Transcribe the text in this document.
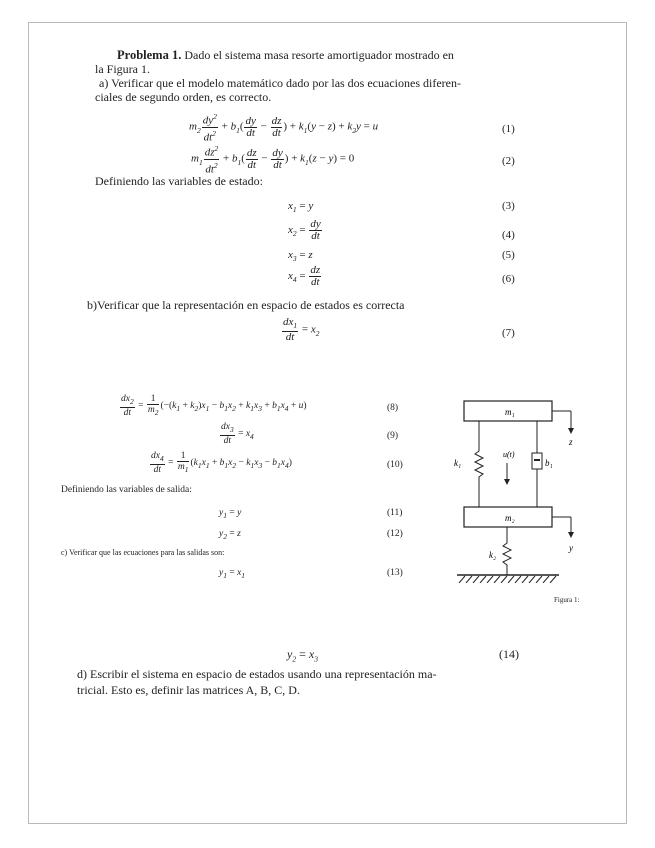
Problema 1. Dado el sistema masa resorte amortiguador mostrado en
la Figura 1.
a) Verificar que el modelo matemático dado por las dos ecuaciones diferen-
ciales de segundo orden, es correcto.
$m_2 \frac{dy^2}{dt^2} + b_1( \frac{dy}{dt} - \frac{dz}{dt}$ ) + $k_1(y - z) + k_2y = u$	(1)
$m_1 \frac{dz^2}{dt^2} + b_1( \frac{dz}{dt} - \frac{dy}{dt}$ ) + $k_1(z - y) = 0$	(2)
Definiendo las variables de estado:
$x_1 = y$	(3)
$x_2 = \frac{dy}{dt}$	(4)
$x_3 = z$	(5)
$x_4 = \frac{dz}{dt}$	(6)
b)Verificar que la representación en espacio de estados es correcta
$\frac{dx_1}{dt} = x_2$	(7)
$\frac{dx_2}{dt} = \frac{1}{m_2} (-(k_1 + k_2)x_1 - b_1x_2 + k_1x_3 + b_1x_4 + u)$	(8)
$\frac{dx_3}{dt} = x_4$	(9)
$\frac{dx_4}{dt} = \frac{1}{m_1} (k_1x_1 + b_1x_2 - k_1x_3 - b_1x_4)$	(10)
Definiendo las variables de salida:
$y_1 = y$	(11)
$y_2 = z$	(12)
c) Verificar que las ecuaciones para las salidas son:
$y_1 = x_1$	(13)
$y_2 = x_3$	(14)
d) Escribir el sistema en espacio de estados usando una representación ma-
tricial. Esto es, definir las matrices A, B, C, D.
m₁
z
k₁
u(t)
b₁
m₂
y
k₂
Figura 1:
